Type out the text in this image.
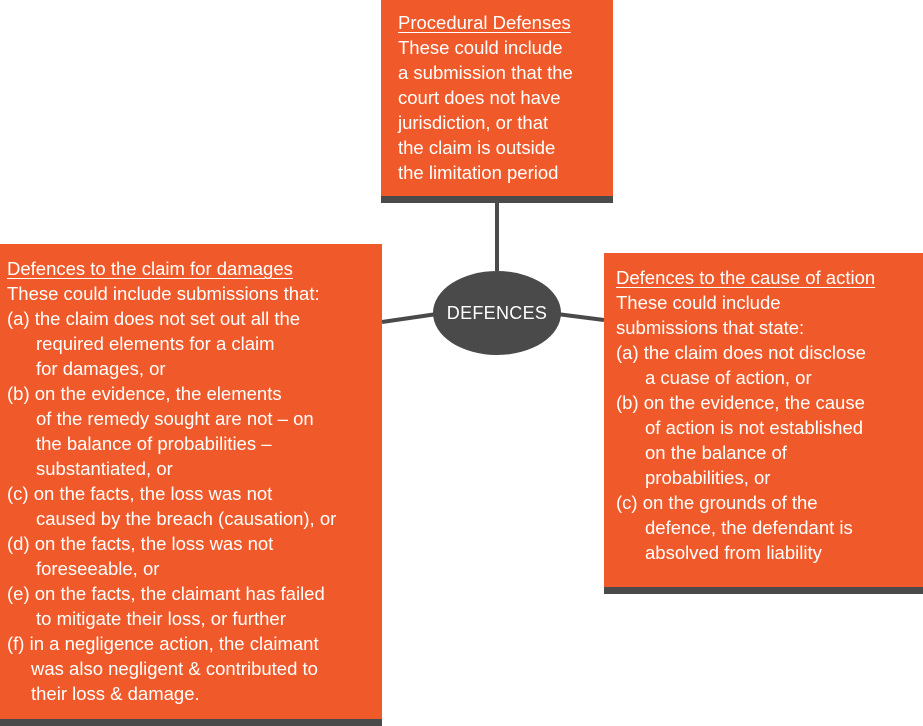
Procedural Defenses
These could include
a submission that the
court does not have
jurisdiction, or that
the claim is outside
the limitation period
Defences to the claim for damages
These could include submissions that:
(a) the claim does not set out all the
required elements for a claim
for damages, or
(b) on the evidence, the elements
of the remedy sought are not – on
the balance of probabilities –
substantiated, or
(c) on the facts, the loss was not
caused by the breach (causation), or
(d) on the facts, the loss was not
foreseeable, or
(e) on the facts, the claimant has failed
to mitigate their loss, or further
(f) in a negligence action, the claimant
was also negligent & contributed to
their loss & damage.
Defences to the cause of action
These could include
submissions that state:
(a) the claim does not disclose
a cuase of action, or
(b) on the evidence, the cause
of action is not established
on the balance of
probabilities, or
(c) on the grounds of the
defence, the defendant is
absolved from liability
DEFENCES
